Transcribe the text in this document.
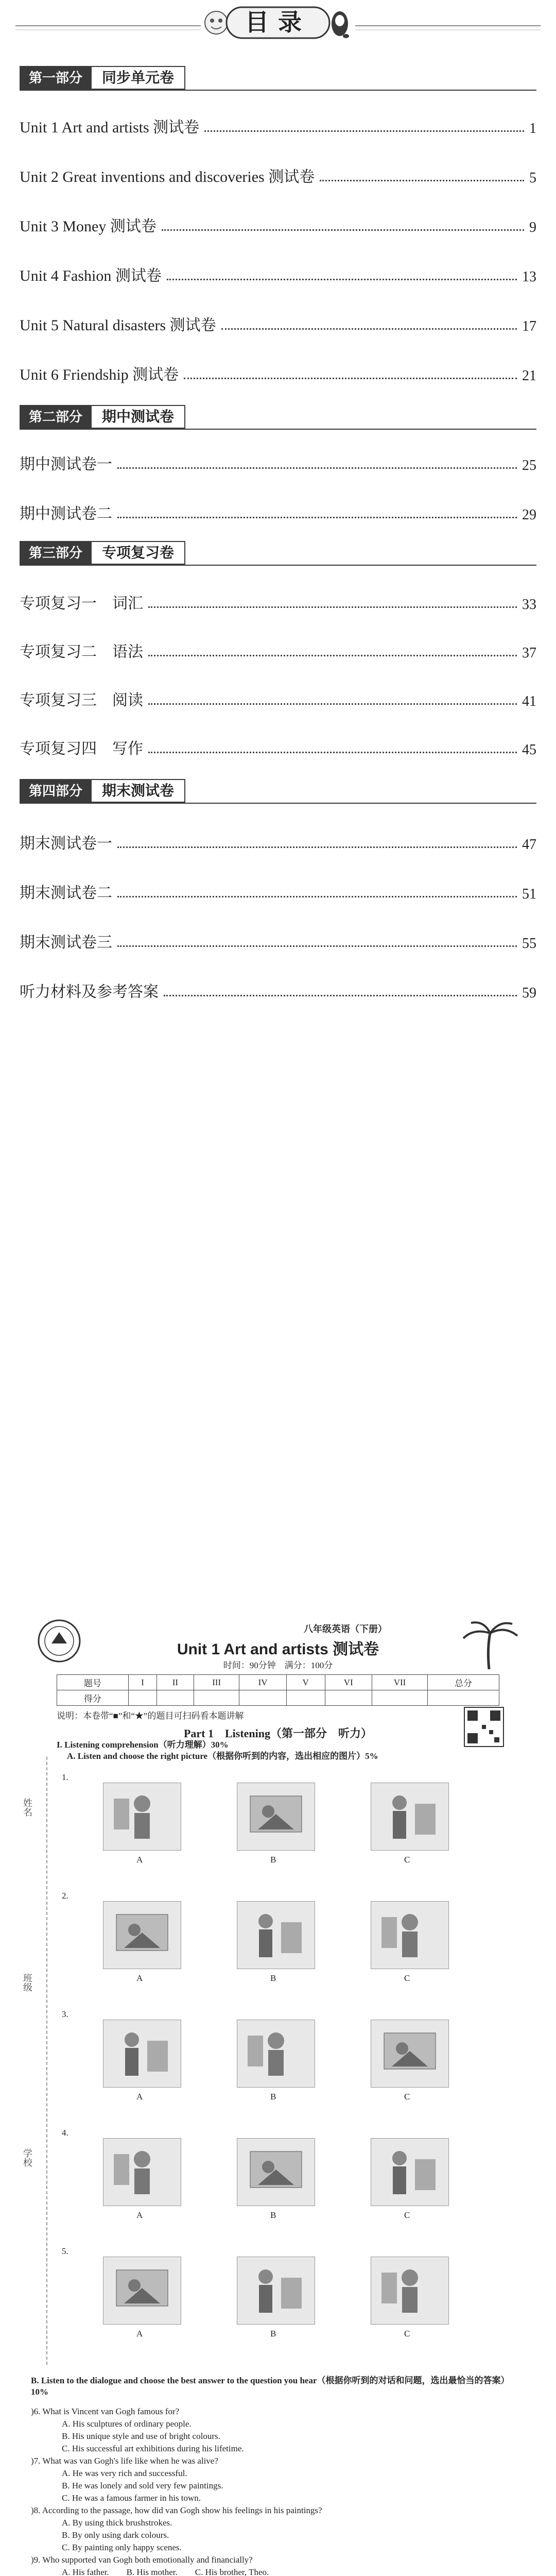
目录
第一部分	同步单元卷
Unit 1 Art and artists 测试卷	1
Unit 2 Great inventions and discoveries 测试卷	5
Unit 3 Money 测试卷	9
Unit 4 Fashion 测试卷	13
Unit 5 Natural disasters 测试卷	17
Unit 6 Friendship 测试卷	21
第二部分	期中测试卷
期中测试卷一	25
期中测试卷二	29
第三部分	专项复习卷
专项复习一　词汇	33
专项复习二　语法	37
专项复习三　阅读	41
专项复习四　写作	45
第四部分	期末测试卷
期末测试卷一	47
期末测试卷二	51
期末测试卷三	55
听力材料及参考答案	59
八年级英语（下册）
Unit 1 Art and artists 测试卷
时间：90分钟　满分：100分
题号	I	II	III	IV	V	VI	VII	总分
得分								
说明：本卷带“■”和“★”的题目可扫码看本题讲解
Part 1　Listening（第一部分　听力）
I. Listening comprehension（听力理解）30%
A. Listen and choose the right picture（根据你听到的内容，选出相应的图片）5%
姓名
班级
学校
1.
A	B	C
2.
A	B	C
3.
A	B	C
4.
A	B	C
5.
A	B	C
B. Listen to the dialogue and choose the best answer to the question you hear（根据你听到的对话和问题，选出最恰当的答案）10%
)6. What is Vincent van Gogh famous for?
A. His sculptures of ordinary people.
B. His unique style and use of bright colours.
C. His successful art exhibitions during his lifetime.
)7. What was van Gogh's life like when he was alive?
A. He was very rich and successful.
B. He was lonely and sold very few paintings.
C. He was a famous farmer in his town.
)8. According to the passage, how did van Gogh show his feelings in his paintings?
A. By using thick brushstrokes.
B. By only using dark colours.
C. By painting only happy scenes.
)9. Who supported van Gogh both emotionally and financially?
A. His father.　　B. His mother.　　C. His brother, Theo.
